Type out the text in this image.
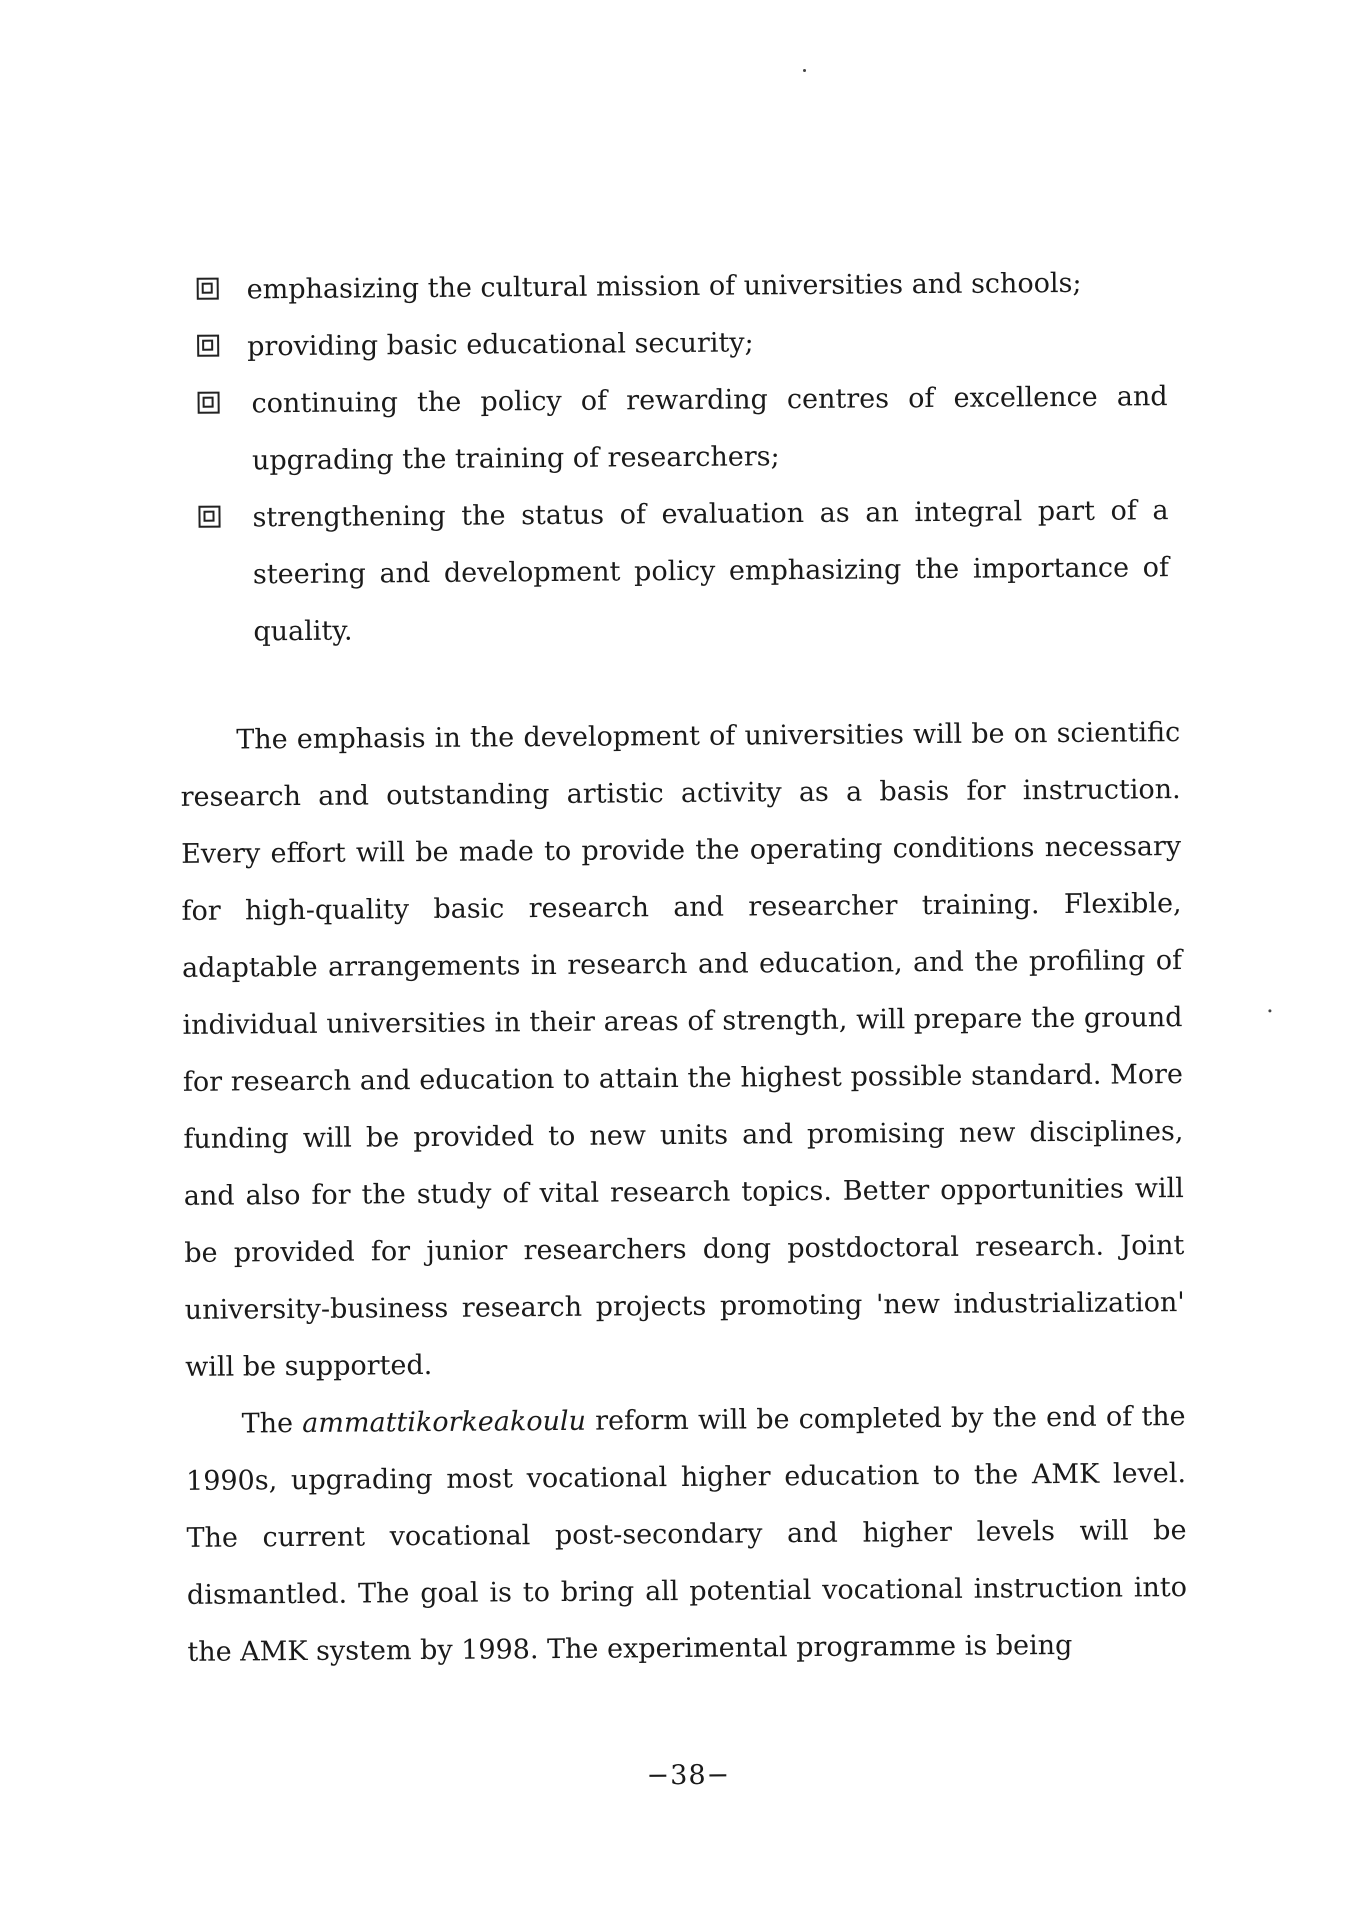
emphasizing the cultural mission of universities and schools;
providing basic educational security;
continuing the policy of rewarding centres of excellence and upgrading the training of researchers;
strengthening the status of evaluation as an integral part of a steering and development policy emphasizing the importance of quality.

The emphasis in the development of universities will be on scientific research and outstanding artistic activity as a basis for instruction. Every effort will be made to provide the operating conditions necessary for high-quality basic research and researcher training. Flexible, adaptable arrangements in research and education, and the profiling of individual universities in their areas of strength, will prepare the ground for research and education to attain the highest possible standard. More funding will be provided to new units and promising new disciplines, and also for the study of vital research topics. Better opportunities will be provided for junior researchers dong postdoctoral research. Joint university-business research projects promoting 'new industrialization' will be supported.

The ammattikorkeakoulu reform will be completed by the end of the 1990s, upgrading most vocational higher education to the AMK level. The current vocational post-secondary and higher levels will be dismantled. The goal is to bring all potential vocational instruction into the AMK system by 1998. The experimental programme is being

−38−
